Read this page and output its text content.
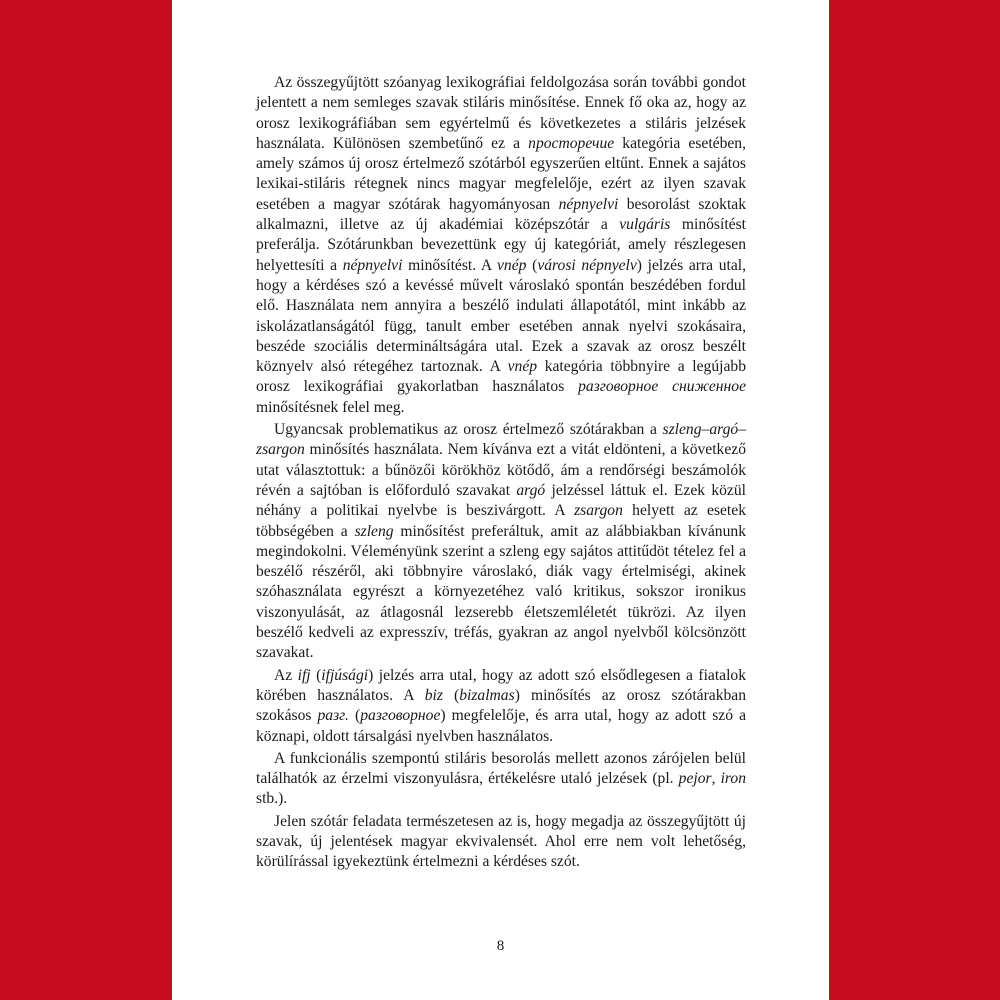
Az összegyűjtött szóanyag lexikográfiai feldolgozása során további gondot jelentett a nem semleges szavak stiláris minősítése. Ennek fő oka az, hogy az orosz lexikográfiában sem egyértelmű és következetes a stiláris jelzések használata. Különösen szembetűnő ez a просторечие kategória esetében, amely számos új orosz értelmező szótárból egyszerűen eltűnt. Ennek a sajátos lexikai-stiláris rétegnek nincs magyar megfelelője, ezért az ilyen szavak esetében a magyar szótárak hagyományosan népnyelvi besorolást szoktak alkalmazni, illetve az új akadémiai középszótár a vulgáris minősítést preferálja. Szótárunkban bevezettünk egy új kategóriát, amely részlegesen helyettesíti a népnyelvi minősítést. A vnép (városi népnyelv) jelzés arra utal, hogy a kérdéses szó a kevéssé művelt városlakó spontán beszédében fordul elő. Használata nem annyira a beszélő indulati állapotától, mint inkább az iskolázatlanságától függ, tanult ember esetében annak nyelvi szokásaira, beszéde szociális determináltságára utal. Ezek a szavak az orosz beszélt köznyelv alsó rétegéhez tartoznak. A vnép kategória többnyire a legújabb orosz lexikográfiai gyakorlatban használatos разговорное сниженное minősítésnek felel meg.

Ugyancsak problematikus az orosz értelmező szótárakban a szleng–argó–zsargon minősítés használata. Nem kívánva ezt a vitát eldönteni, a következő utat választottuk: a bűnözői körökhöz kötődő, ám a rendőrségi beszámolók révén a sajtóban is előforduló szavakat argó jelzéssel láttuk el. Ezek közül néhány a politikai nyelvbe is beszivárgott. A zsargon helyett az esetek többségében a szleng minősítést preferáltuk, amit az alábbiakban kívánunk megindokolni. Véleményünk szerint a szleng egy sajátos attitűdöt tételez fel a beszélő részéről, aki többnyire városlakó, diák vagy értelmiségi, akinek szóhasználata egyrészt a környezetéhez való kritikus, sokszor ironikus viszonyulását, az átlagosnál lezserebb életszemléletét tükrözi. Az ilyen beszélő kedveli az expresszív, tréfás, gyakran az angol nyelvből kölcsönzött szavakat.

Az ifj (ifjúsági) jelzés arra utal, hogy az adott szó elsődlegesen a fiatalok körében használatos. A biz (bizalmas) minősítés az orosz szótárakban szokásos разг. (разговорное) megfelelője, és arra utal, hogy az adott szó a köznapi, oldott társalgási nyelvben használatos.

A funkcionális szempontú stiláris besorolás mellett azonos zárójelen belül találhatók az érzelmi viszonyulásra, értékelésre utaló jelzések (pl. pejor, iron stb.).

Jelen szótár feladata természetesen az is, hogy megadja az összegyűjtött új szavak, új jelentések magyar ekvivalensét. Ahol erre nem volt lehetőség, körülírással igyekeztünk értelmezni a kérdéses szót.

8
